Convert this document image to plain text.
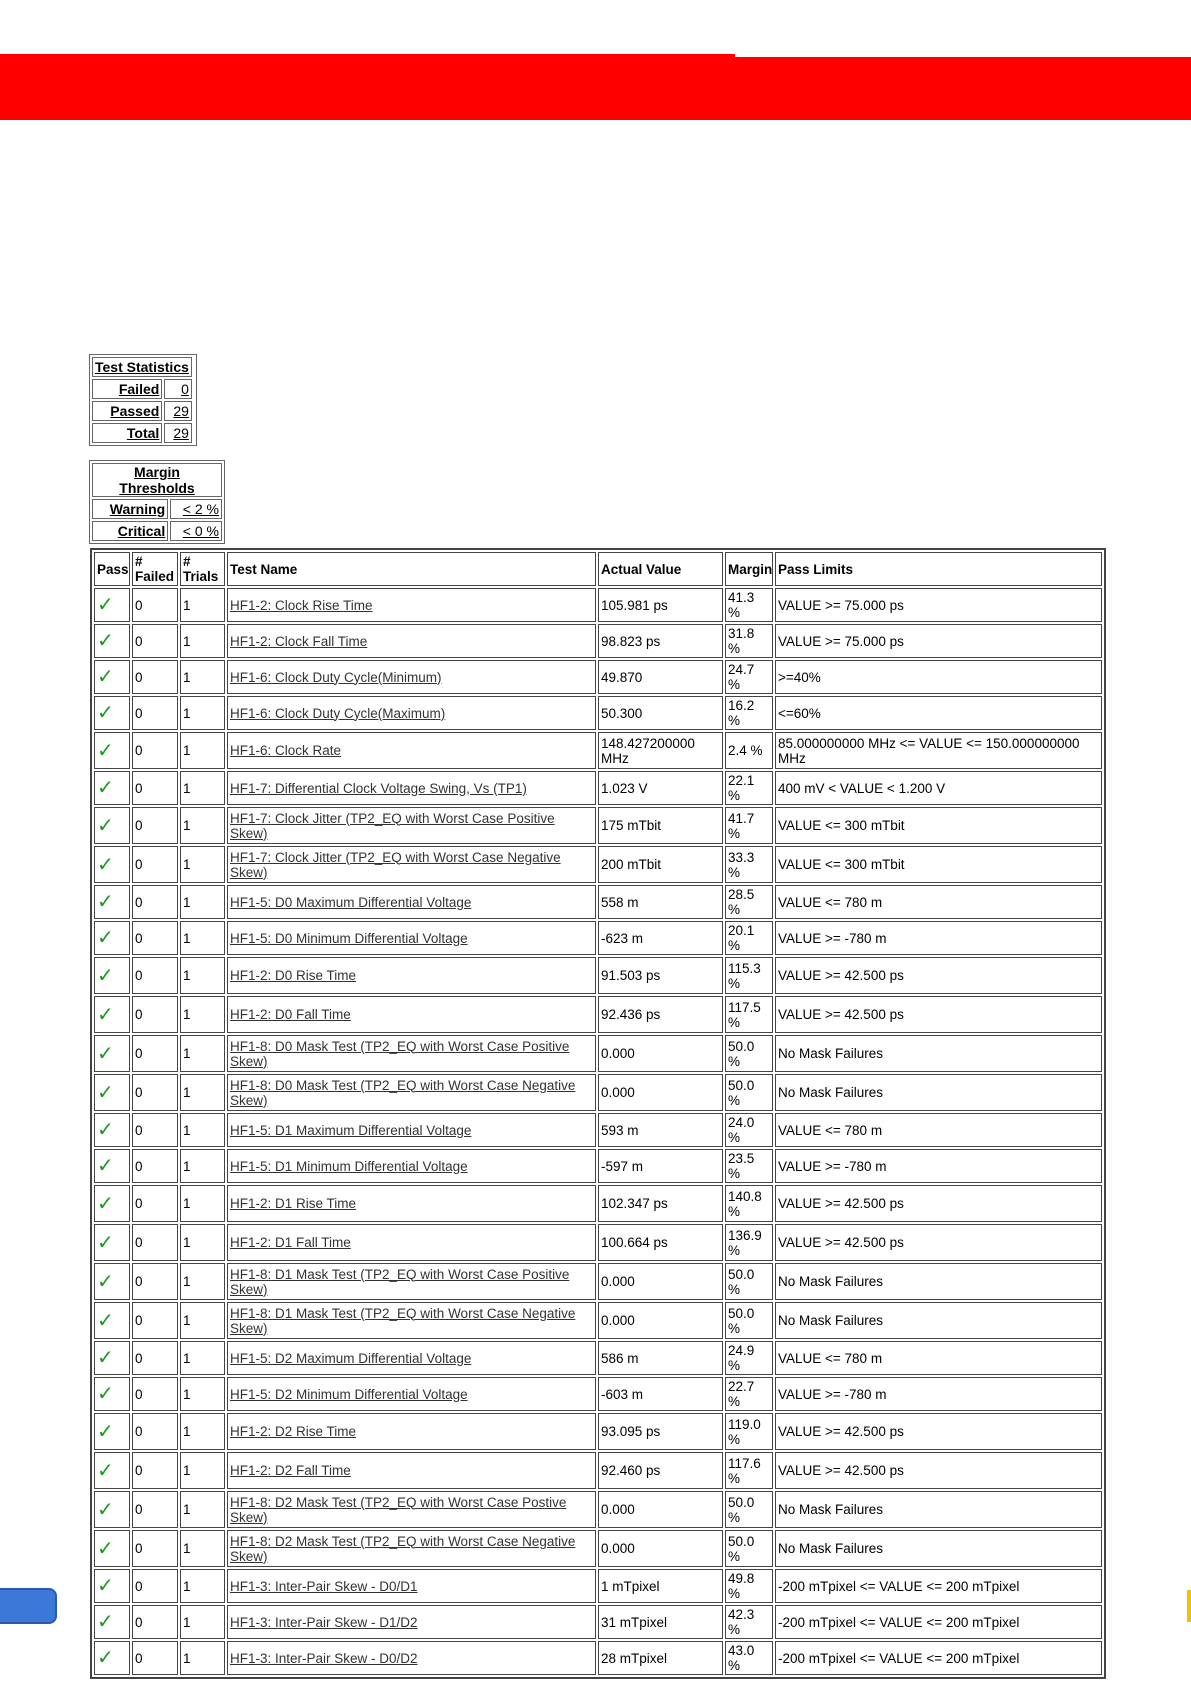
Test Statistics	
Failed	0
Passed	29
Total	29
Margin Thresholds	
Warning	< 2 %
Critical	< 0 %
Pass	# Failed	# Trials	Test Name	Actual Value	Margin	Pass Limits
✓	0	1	HF1-2: Clock Rise Time	105.981 ps	41.3 %	VALUE >= 75.000 ps
✓	0	1	HF1-2: Clock Fall Time	98.823 ps	31.8 %	VALUE >= 75.000 ps
✓	0	1	HF1-6: Clock Duty Cycle(Minimum)	49.870	24.7 %	>=40%
✓	0	1	HF1-6: Clock Duty Cycle(Maximum)	50.300	16.2 %	<=60%
✓	0	1	HF1-6: Clock Rate	148.427200000 MHz	2.4 %	85.000000000 MHz <= VALUE <= 150.000000000 MHz
✓	0	1	HF1-7: Differential Clock Voltage Swing, Vs (TP1)	1.023 V	22.1 %	400 mV < VALUE < 1.200 V
✓	0	1	HF1-7: Clock Jitter (TP2_EQ with Worst Case Positive Skew)	175 mTbit	41.7 %	VALUE <= 300 mTbit
✓	0	1	HF1-7: Clock Jitter (TP2_EQ with Worst Case Negative Skew)	200 mTbit	33.3 %	VALUE <= 300 mTbit
✓	0	1	HF1-5: D0 Maximum Differential Voltage	558 m	28.5 %	VALUE <= 780 m
✓	0	1	HF1-5: D0 Minimum Differential Voltage	-623 m	20.1 %	VALUE >= -780 m
✓	0	1	HF1-2: D0 Rise Time	91.503 ps	115.3 %	VALUE >= 42.500 ps
✓	0	1	HF1-2: D0 Fall Time	92.436 ps	117.5 %	VALUE >= 42.500 ps
✓	0	1	HF1-8: D0 Mask Test (TP2_EQ with Worst Case Positive Skew)	0.000	50.0 %	No Mask Failures
✓	0	1	HF1-8: D0 Mask Test (TP2_EQ with Worst Case Negative Skew)	0.000	50.0 %	No Mask Failures
✓	0	1	HF1-5: D1 Maximum Differential Voltage	593 m	24.0 %	VALUE <= 780 m
✓	0	1	HF1-5: D1 Minimum Differential Voltage	-597 m	23.5 %	VALUE >= -780 m
✓	0	1	HF1-2: D1 Rise Time	102.347 ps	140.8 %	VALUE >= 42.500 ps
✓	0	1	HF1-2: D1 Fall Time	100.664 ps	136.9 %	VALUE >= 42.500 ps
✓	0	1	HF1-8: D1 Mask Test (TP2_EQ with Worst Case Positive Skew)	0.000	50.0 %	No Mask Failures
✓	0	1	HF1-8: D1 Mask Test (TP2_EQ with Worst Case Negative Skew)	0.000	50.0 %	No Mask Failures
✓	0	1	HF1-5: D2 Maximum Differential Voltage	586 m	24.9 %	VALUE <= 780 m
✓	0	1	HF1-5: D2 Minimum Differential Voltage	-603 m	22.7 %	VALUE >= -780 m
✓	0	1	HF1-2: D2 Rise Time	93.095 ps	119.0 %	VALUE >= 42.500 ps
✓	0	1	HF1-2: D2 Fall Time	92.460 ps	117.6 %	VALUE >= 42.500 ps
✓	0	1	HF1-8: D2 Mask Test (TP2_EQ with Worst Case Postive Skew)	0.000	50.0 %	No Mask Failures
✓	0	1	HF1-8: D2 Mask Test (TP2_EQ with Worst Case Negative Skew)	0.000	50.0 %	No Mask Failures
✓	0	1	HF1-3: Inter-Pair Skew - D0/D1	1 mTpixel	49.8 %	-200 mTpixel <= VALUE <= 200 mTpixel
✓	0	1	HF1-3: Inter-Pair Skew - D1/D2	31 mTpixel	42.3 %	-200 mTpixel <= VALUE <= 200 mTpixel
✓	0	1	HF1-3: Inter-Pair Skew - D0/D2	28 mTpixel	43.0 %	-200 mTpixel <= VALUE <= 200 mTpixel
